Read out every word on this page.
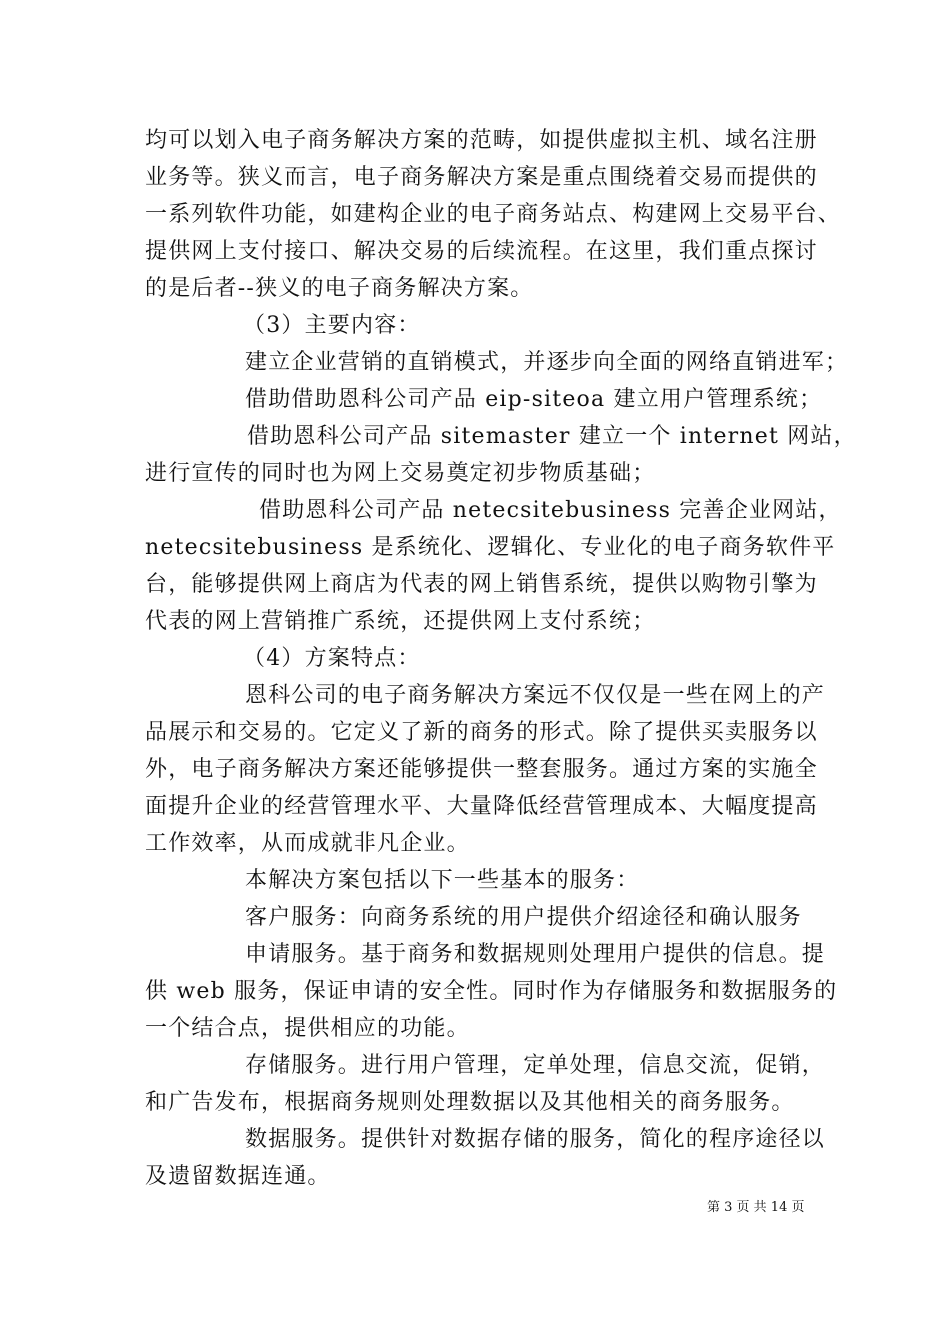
均可以划入电子商务解决方案的范畴，如提供虚拟主机、域名注册
业务等。狭义而言，电子商务解决方案是重点围绕着交易而提供的
一系列软件功能，如建构企业的电子商务站点、构建网上交易平台、
提供网上支付接口、解决交易的后续流程。在这里，我们重点探讨
的是后者--狭义的电子商务解决方案。
（3）主要内容：
建立企业营销的直销模式，并逐步向全面的网络直销进军；
借助借助恩科公司产品 eip-siteoa 建立用户管理系统；
借助恩科公司产品 sitemaster 建立一个 internet 网站，
进行宣传的同时也为网上交易奠定初步物质基础；
借助恩科公司产品 netecsitebusiness 完善企业网站，
netecsitebusiness 是系统化、逻辑化、专业化的电子商务软件平
台，能够提供网上商店为代表的网上销售系统，提供以购物引擎为
代表的网上营销推广系统，还提供网上支付系统；
（4）方案特点：
恩科公司的电子商务解决方案远不仅仅是一些在网上的产
品展示和交易的。它定义了新的商务的形式。除了提供买卖服务以
外，电子商务解决方案还能够提供一整套服务。通过方案的实施全
面提升企业的经营管理水平、大量降低经营管理成本、大幅度提高
工作效率，从而成就非凡企业。
本解决方案包括以下一些基本的服务：
客户服务：向商务系统的用户提供介绍途径和确认服务
申请服务。基于商务和数据规则处理用户提供的信息。提
供 web 服务，保证申请的安全性。同时作为存储服务和数据服务的
一个结合点，提供相应的功能。
存储服务。进行用户管理，定单处理，信息交流，促销，
和广告发布，根据商务规则处理数据以及其他相关的商务服务。
数据服务。提供针对数据存储的服务，简化的程序途径以
及遗留数据连通。
第 3 页 共 14 页
